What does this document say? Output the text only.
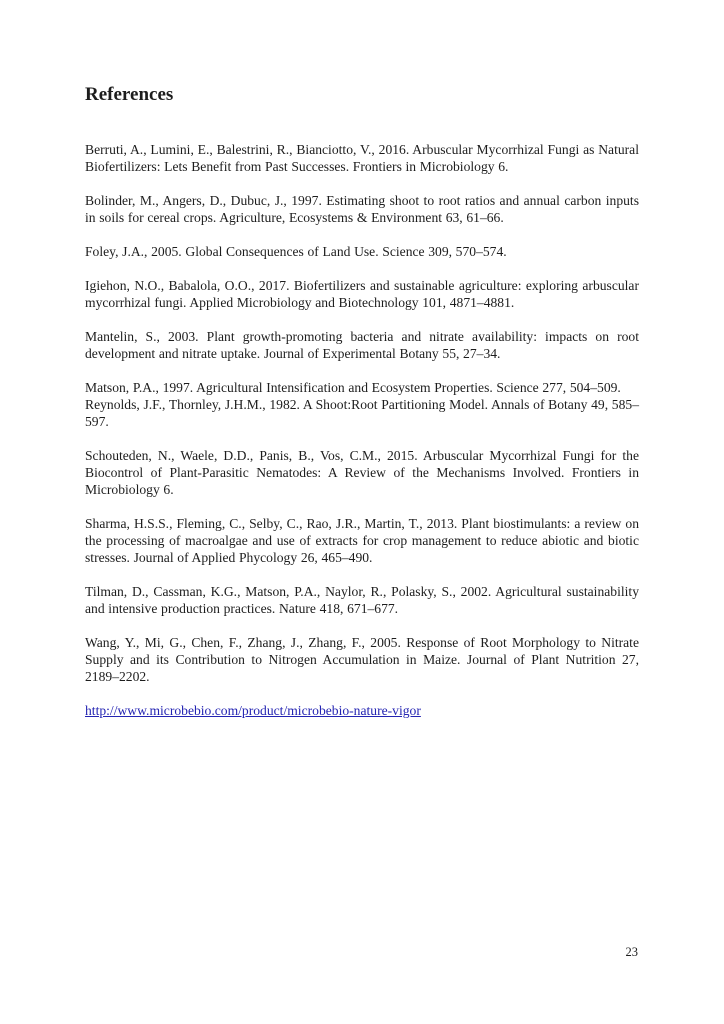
References

Berruti, A., Lumini, E., Balestrini, R., Bianciotto, V., 2016. Arbuscular Mycorrhizal Fungi as Natural Biofertilizers: Lets Benefit from Past Successes. Frontiers in Microbiology 6.

Bolinder, M., Angers, D., Dubuc, J., 1997. Estimating shoot to root ratios and annual carbon inputs in soils for cereal crops. Agriculture, Ecosystems & Environment 63, 61–66.

Foley, J.A., 2005. Global Consequences of Land Use. Science 309, 570–574.

Igiehon, N.O., Babalola, O.O., 2017. Biofertilizers and sustainable agriculture: exploring arbuscular mycorrhizal fungi. Applied Microbiology and Biotechnology 101, 4871–4881.

Mantelin, S., 2003. Plant growth-promoting bacteria and nitrate availability: impacts on root development and nitrate uptake. Journal of Experimental Botany 55, 27–34.

Matson, P.A., 1997. Agricultural Intensification and Ecosystem Properties. Science 277, 504–509.

Reynolds, J.F., Thornley, J.H.M., 1982. A Shoot:Root Partitioning Model. Annals of Botany 49, 585–597.

Schouteden, N., Waele, D.D., Panis, B., Vos, C.M., 2015. Arbuscular Mycorrhizal Fungi for the Biocontrol of Plant-Parasitic Nematodes: A Review of the Mechanisms Involved. Frontiers in Microbiology 6.

Sharma, H.S.S., Fleming, C., Selby, C., Rao, J.R., Martin, T., 2013. Plant biostimulants: a review on the processing of macroalgae and use of extracts for crop management to reduce abiotic and biotic stresses. Journal of Applied Phycology 26, 465–490.

Tilman, D., Cassman, K.G., Matson, P.A., Naylor, R., Polasky, S., 2002. Agricultural sustainability and intensive production practices. Nature 418, 671–677.

Wang, Y., Mi, G., Chen, F., Zhang, J., Zhang, F., 2005. Response of Root Morphology to Nitrate Supply and its Contribution to Nitrogen Accumulation in Maize. Journal of Plant Nutrition 27, 2189–2202.

http://www.microbebio.com/product/microbebio-nature-vigor

23
